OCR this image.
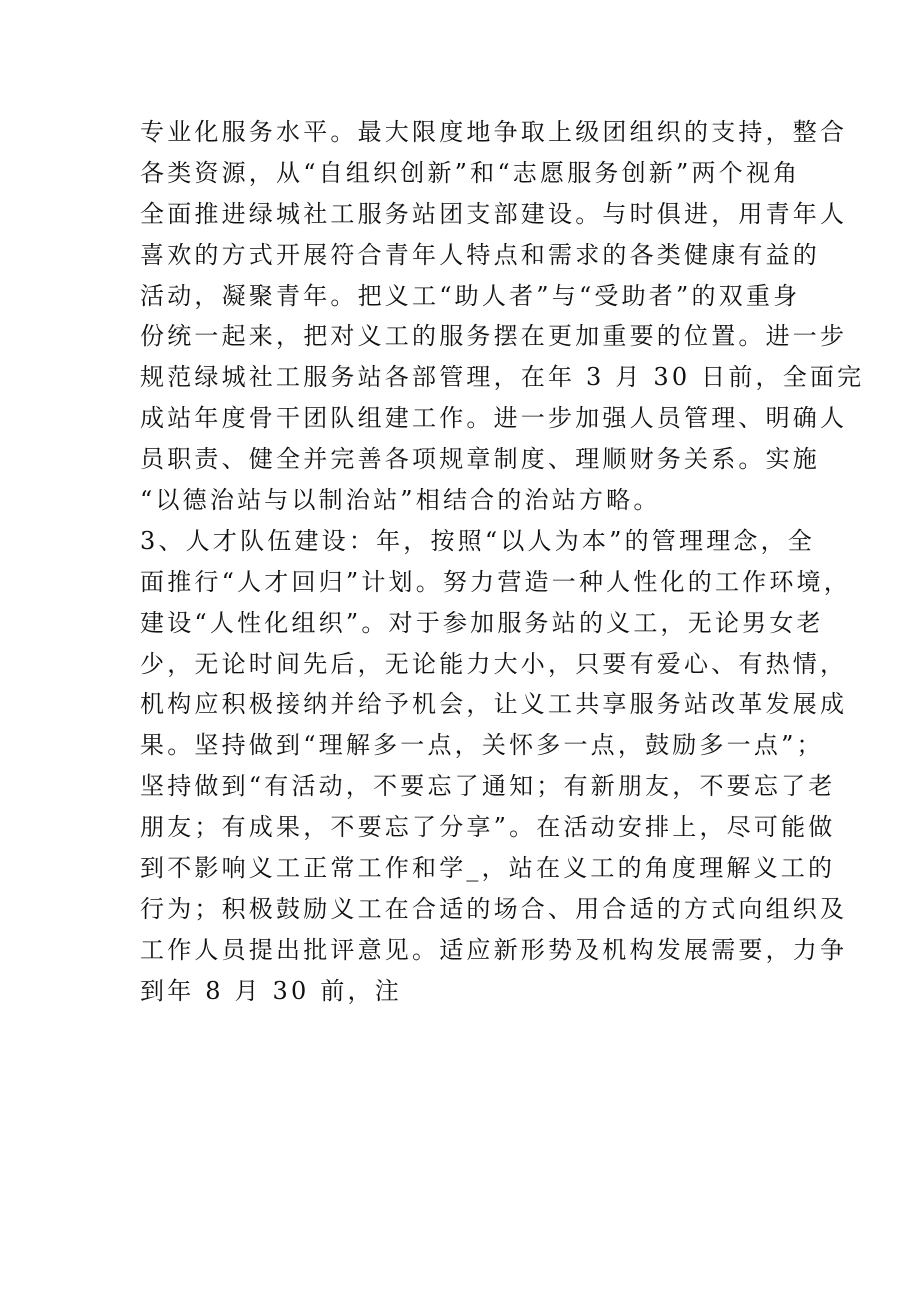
专业化服务水平。最大限度地争取上级团组织的支持，整合
各类资源，从“自组织创新”和“志愿服务创新”两个视角
全面推进绿城社工服务站团支部建设。与时俱进，用青年人
喜欢的方式开展符合青年人特点和需求的各类健康有益的
活动，凝聚青年。把义工“助人者”与“受助者”的双重身
份统一起来，把对义工的服务摆在更加重要的位置。进一步
规范绿城社工服务站各部管理，在年 3 月 30 日前，全面完
成站年度骨干团队组建工作。进一步加强人员管理、明确人
员职责、健全并完善各项规章制度、理顺财务关系。实施
“以德治站与以制治站”相结合的治站方略。
3、人才队伍建设：年，按照“以人为本”的管理理念，全
面推行“人才回归”计划。努力营造一种人性化的工作环境，
建设“人性化组织”。对于参加服务站的义工，无论男女老
少，无论时间先后，无论能力大小，只要有爱心、有热情，
机构应积极接纳并给予机会，让义工共享服务站改革发展成
果。坚持做到“理解多一点，关怀多一点，鼓励多一点”；
坚持做到“有活动，不要忘了通知；有新朋友，不要忘了老
朋友；有成果，不要忘了分享”。在活动安排上，尽可能做
到不影响义工正常工作和学_，站在义工的角度理解义工的
行为；积极鼓励义工在合适的场合、用合适的方式向组织及
工作人员提出批评意见。适应新形势及机构发展需要，力争
到年 8 月 30 前，注
